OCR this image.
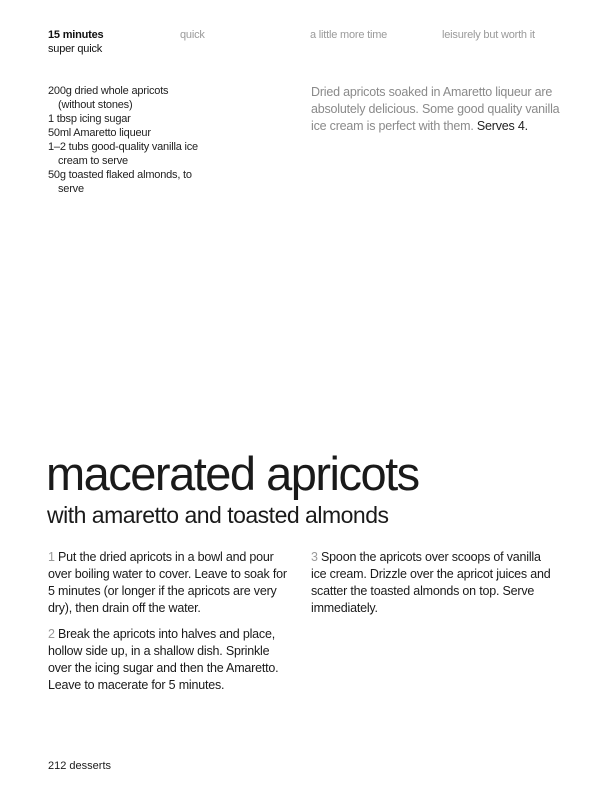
15 minutes
super quick
quick	a little more time	leisurely but worth it
200g dried whole apricots (without stones)
1 tbsp icing sugar
50ml Amaretto liqueur
1–2 tubs good-quality vanilla ice cream to serve
50g toasted flaked almonds, to serve
Dried apricots soaked in Amaretto liqueur are absolutely delicious. Some good quality vanilla ice cream is perfect with them. Serves 4.
macerated apricots
with amaretto and toasted almonds

1 Put the dried apricots in a bowl and pour over boiling water to cover. Leave to soak for 5 minutes (or longer if the apricots are very dry), then drain off the water.

2 Break the apricots into halves and place, hollow side up, in a shallow dish. Sprinkle over the icing sugar and then the Amaretto. Leave to macerate for 5 minutes.

3 Spoon the apricots over scoops of vanilla ice cream. Drizzle over the apricot juices and scatter the toasted almonds on top. Serve immediately.

212 desserts
